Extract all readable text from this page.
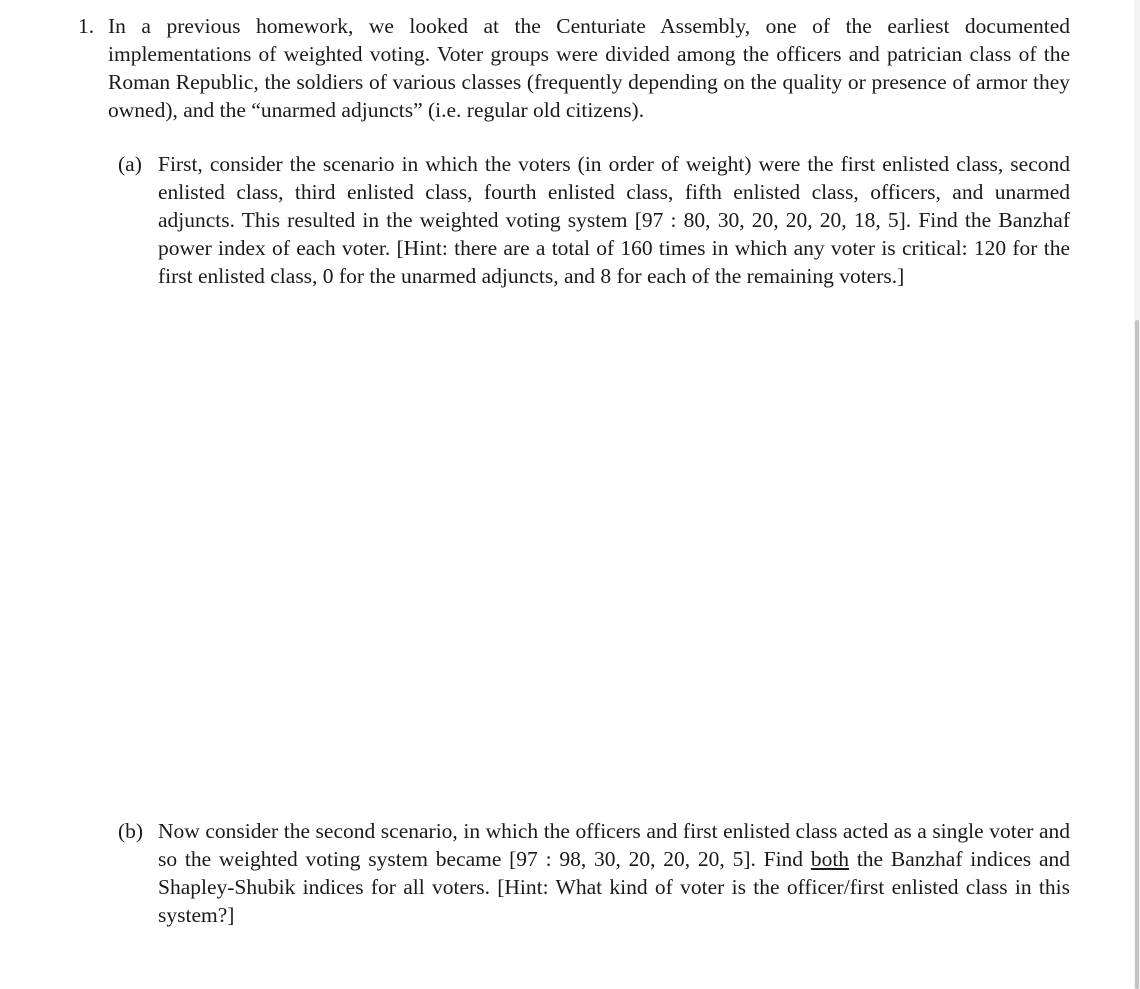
1. In a previous homework, we looked at the Centuriate Assembly, one of the earliest documented implementations of weighted voting. Voter groups were divided among the officers and patrician class of the Roman Republic, the soldiers of various classes (frequently depending on the quality or presence of armor they owned), and the “unarmed adjuncts” (i.e. regular old citizens).
(a) First, consider the scenario in which the voters (in order of weight) were the first enlisted class, second enlisted class, third enlisted class, fourth enlisted class, fifth enlisted class, officers, and unarmed adjuncts. This resulted in the weighted voting system [97 : 80, 30, 20, 20, 20, 18, 5]. Find the Banzhaf power index of each voter. [Hint: there are a total of 160 times in which any voter is critical: 120 for the first enlisted class, 0 for the unarmed adjuncts, and 8 for each of the remaining voters.]
(b) Now consider the second scenario, in which the officers and first enlisted class acted as a single voter and so the weighted voting system became [97 : 98, 30, 20, 20, 20, 5]. Find both the Banzhaf indices and Shapley-Shubik indices for all voters. [Hint: What kind of voter is the officer/first enlisted class in this system?]
